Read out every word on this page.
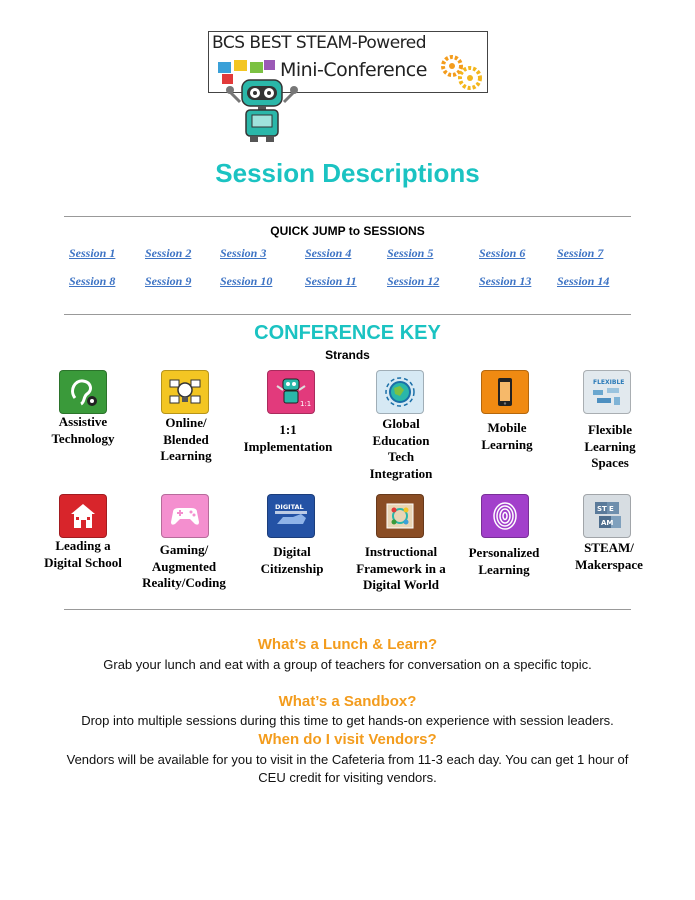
BCS BEST STEAM-Powered
Mini-Conference
Session Descriptions
QUICK JUMP to SESSIONS
Session 1 Session 2 Session 3	Session 4	Session 5	Session 6	Session 7
Session 8 Session 9 Session 10	Session 11	Session 12	Session 13 Session 14
CONFERENCE KEY
Strands
1:1
FLEXIBLE
Assistive Technology
Online/ Blended Learning
1:1 Implementation
Global Education Tech Integration
Mobile Learning
Flexible Learning Spaces
DIGITAL	ST E
AM
Leading a Digital School
Gaming/ Augmented Reality/Coding
Digital Citizenship
Instructional Framework in a Digital World
Personalized Learning
STEAM/ Makerspace
What’s a Lunch & Learn?
Grab your lunch and eat with a group of teachers for conversation on a specific topic.
What’s a Sandbox?
Drop into multiple sessions during this time to get hands-on experience with session leaders.
When do I visit Vendors?
Vendors will be available for you to visit in the Cafeteria from 11-3 each day. You can get 1 hour of CEU credit for visiting vendors.
